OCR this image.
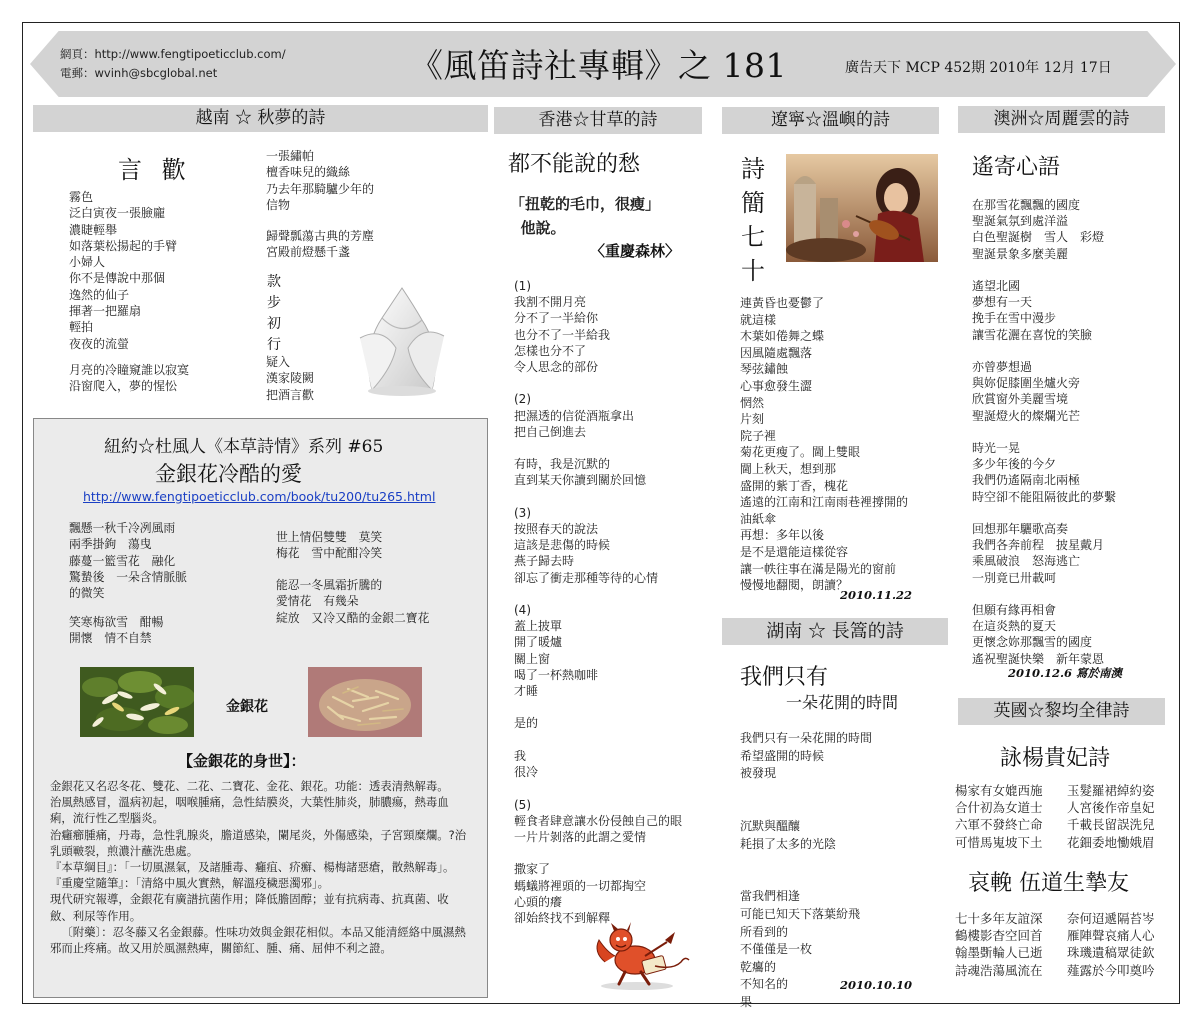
網頁：http://www.fengtipoeticclub.com/
電郵：wvinh@sbcglobal.net	《風笛詩社專輯》之 181	廣告天下 MCP 452期 2010年 12月 17日
越南 ☆ 秋夢的詩
言 歡
霧色
泛白寅夜一張臉龐
濃睫輕舉
如落葉松揚起的手臂
小婦人
你不是傳說中那個
逸然的仙子
揮著一把羅扇
輕拍
夜夜的流螢
月亮的冷瞳窺誰以寂寞
沿窗爬入，夢的惺忪
一張繡帕
檀香味兒的織絲
乃去年那騎驢少年的
信物
歸聲瓢蕩古典的芳塵
宮殿前燈懸千盞
款
步
初
行
疑入
漢家陵闕
把酒言歡
紐約☆杜風人《本草詩情》系列 #65
金銀花冷酷的愛
http://www.fengtipoeticclub.com/book/tu200/tu265.html
飄懸一秋千冷冽風雨
兩季掛鉤　蕩曳
藤蔓一籃雪花　融化
驚蟄後　一朵含情脈脈
的微笑
笑寒梅欲雪　酣暢
開懷　情不自禁
世上情侶雙雙　莫笑
梅花　雪中酡酣冷笑
能忍一冬風霜折騰的
愛情花　有幾朵
綻放　又冷又酷的金銀二寶花
金銀花
【金銀花的身世】：

金銀花又名忍冬花、雙花、二花、二寶花、金花、銀花。功能：透表清熱解毒。

治風熱感冒，溫病初起，咽喉腫痛，急性結膜炎，大葉性肺炎，肺膿瘍，熱毒血痢，流行性乙型腦炎。

治癰癤腫痛，丹毒，急性乳腺炎，膽道感染，闌尾炎，外傷感染，子宮頸糜爛。?治乳頭皸裂，煎濃汁蘸洗患處。

『本草綱目』：「一切風濕氣，及諸腫毒、癰疽、疥癬、楊梅諸惡瘡，散熱解毒」。『重慶堂隨筆』：「清絡中風火實熱，解溫疫穢惡濁邪」。

現代研究報導，金銀花有廣譜抗菌作用；降低膽固醇；並有抗病毒、抗真菌、收斂、利尿等作用。

〔附藥〕：忍冬藤又名金銀藤。性味功效與金銀花相似。本品又能清經絡中風濕熱邪而止疼痛。故又用於風濕熱痺，關節紅、腫、痛、屈伸不利之證。

香港☆甘草的詩
都不能說的愁
「扭乾的毛巾，很瘦」
他說。
〈重慶森林〉
(1)
我割不開月亮
分不了一半給你
也分不了一半給我
怎樣也分不了
令人思念的部份

(2)
把濕透的信從酒瓶拿出
把自己倒進去

有時，我是沉默的
直到某天你讀到關於回憶

(3)
按照春天的說法
這該是悲傷的時候
燕子歸去時
卻忘了衝走那種等待的心情

(4)
蓋上披單
開了暖爐
關上窗
喝了一杯熱咖啡
才睡

是的

我
很冷

(5)
輕食者肆意讓水份侵蝕自己的眼
一片片剝落的此謂之愛情

撒家了
螞蟻將裡頭的一切都掏空
心頭的癢
卻始終找不到解釋
遼寧☆溫嶼的詩
詩
簡
七
十
連黃昏也憂鬱了
就這樣
木葉如倦舞之蝶
因風隨處飄落
琴弦鏽蝕
心事愈發生澀
惘然
片刻
院子裡
菊花更瘦了。閫上雙眼
閫上秋天，想到那
盛開的紫丁香，槐花
遙遠的江南和江南雨巷裡撐開的
油紙傘
再想：多年以後
是不是還能這樣從容
讓一帙往事在滿是陽光的窗前
慢慢地翻閱，朗讀？
2010.11.22
湖南 ☆ 長篙的詩
我們只有
一朵花開的時間
我們只有一朵花開的時間
希望盛開的時候
被發現

沉默與醞釀
耗損了太多的光陰

當我們相逢
可能已知天下落葉紛飛
所看到的
不僅僅是一枚
乾癟的
不知名的
果
2010.10.10
澳洲☆周麗雲的詩
遙寄心語
在那雪花飄飄的國度
聖誕氣氛到處洋溢
白色聖誕樹　雪人　彩燈
聖誕景象多麼美麗

遙望北國
夢想有一天
挽手在雪中漫步
讓雪花灑在喜悅的笑臉

亦曾夢想過
與妳促膝圍坐爐火旁
欣賞窗外美麗雪境
聖誕燈火的燦爛光芒

時光一晃
多少年後的今夕
我們仍遙隔南北兩極
時空卻不能阻隔彼此的夢繫

回想那年驪歌高奏
我們各奔前程　披星戴月
乘風破浪　怒海逃亡
一別竟已卅載呵

但願有緣再相會
在這炎熱的夏天
更懷念妳那飄雪的國度
遙祝聖誕快樂　新年蒙恩
2010.12.6 寫於南澳
英國☆黎均全律詩
詠楊貴妃詩
楊家有女媲西施
合什初為女道士
六軍不發終亡命
可惜馬嵬坡下土
玉髮羅裙綽約姿
人宮後作帝皇妃
千載長留誤洗兒
花鈿委地慟娥眉
哀輓 伍道生摯友
七十多年友誼深
鶴樓影杳空回首
翰墨斲輪人已逝
詩魂浩蕩風流在
奈何迢遞隔苔岑
雁陣聲哀痛人心
珠璣遺稿眾徒欽
薤露於今叩奠吟
